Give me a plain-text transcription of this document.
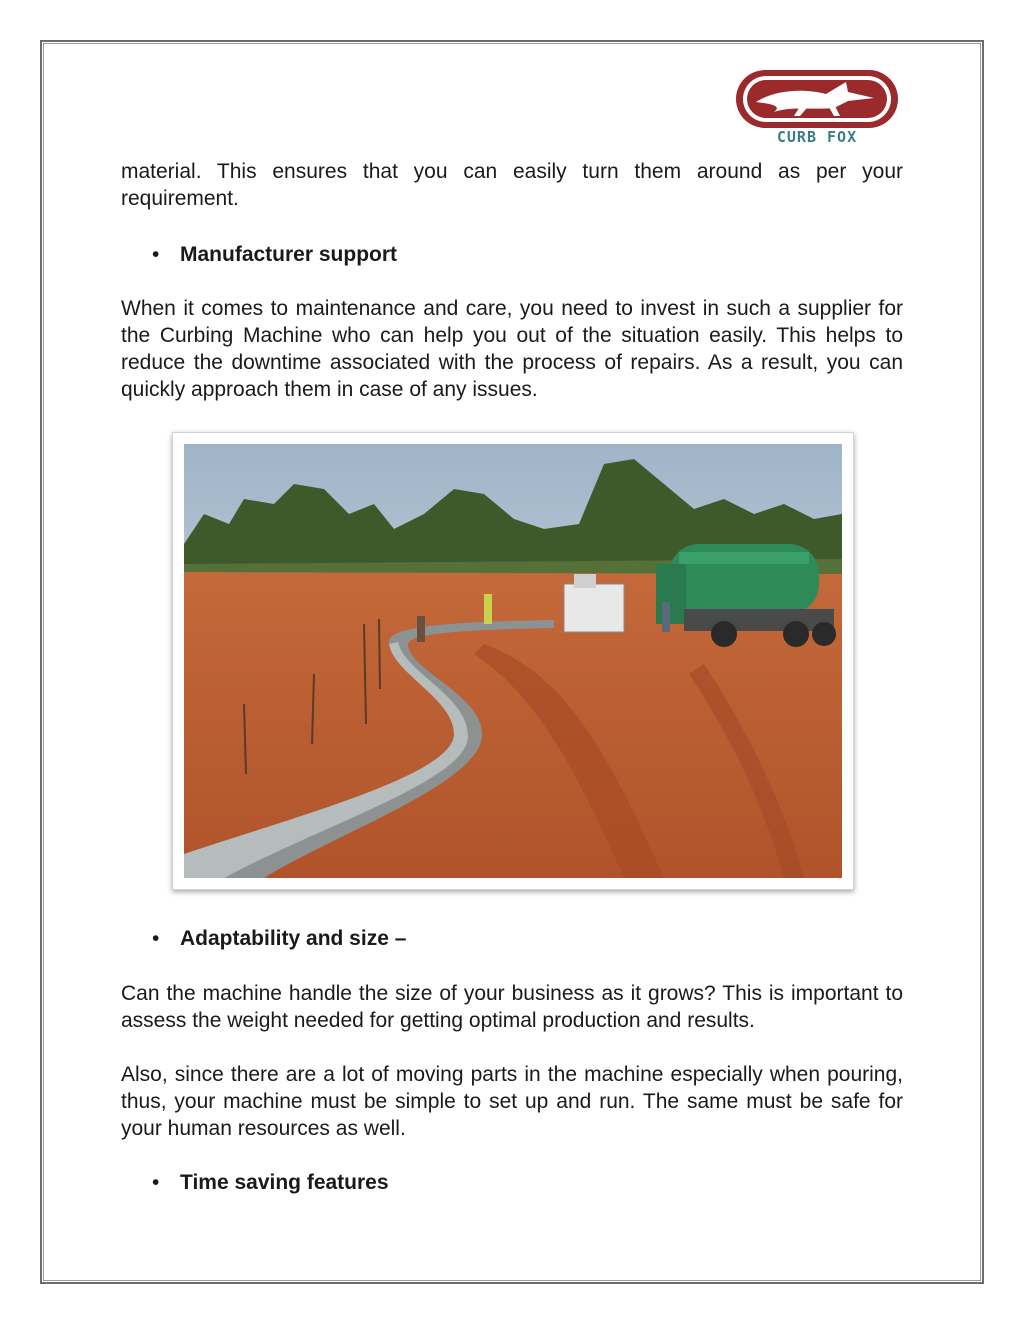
CURB FOX

material. This ensures that you can easily turn them around as per your requirement.

• Manufacturer support

When it comes to maintenance and care, you need to invest in such a supplier for the Curbing Machine who can help you out of the situation easily. This helps to reduce the downtime associated with the process of repairs. As a result, you can quickly approach them in case of any issues.

• Adaptability and size –

Can the machine handle the size of your business as it grows? This is important to assess the weight needed for getting optimal production and results.

Also, since there are a lot of moving parts in the machine especially when pouring, thus, your machine must be simple to set up and run. The same must be safe for your human resources as well.

• Time saving features
